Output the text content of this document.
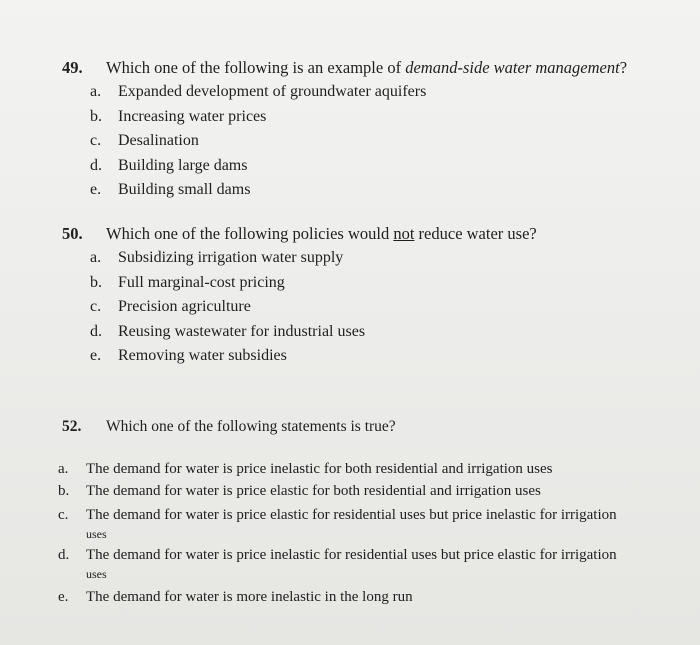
49.	Which one of the following is an example of demand-side water management?
a.	Expanded development of groundwater aquifers
b.	Increasing water prices
c.	Desalination
d.	Building large dams
e.	Building small dams
50.	Which one of the following policies would not reduce water use?
a.	Subsidizing irrigation water supply
b.	Full marginal-cost pricing
c.	Precision agriculture
d.	Reusing wastewater for industrial uses
e.	Removing water subsidies
52.	Which one of the following statements is true?
a.	The demand for water is price inelastic for both residential and irrigation uses
b.	The demand for water is price elastic for both residential and irrigation uses
c. The demand for water is price elastic for residential uses but price inelastic for irrigation
uses
d. The demand for water is price inelastic for residential uses but price elastic for irrigation
uses
e.	The demand for water is more inelastic in the long run
